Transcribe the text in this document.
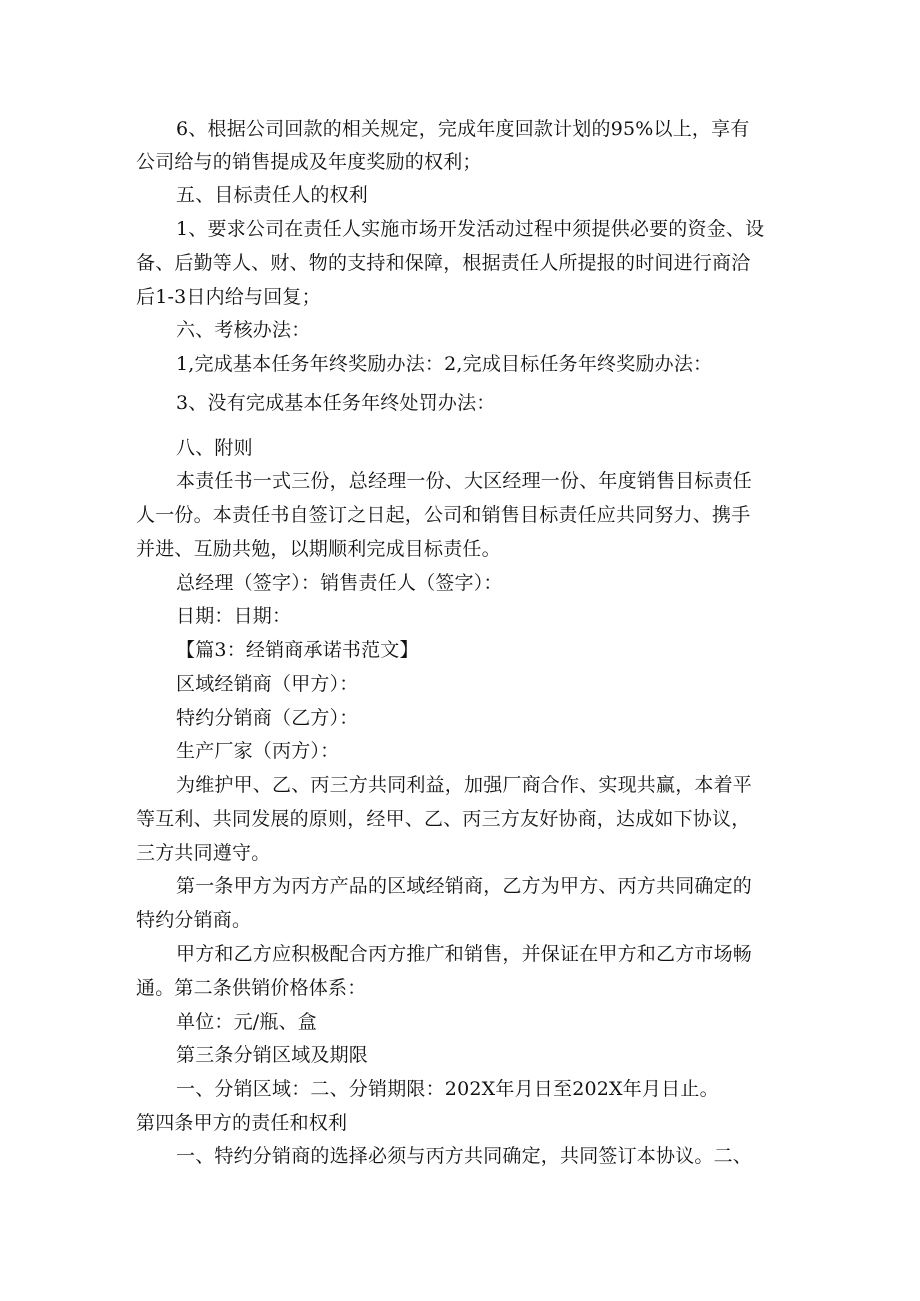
6、根据公司回款的相关规定，完成年度回款计划的95%以上，享有
公司给与的销售提成及年度奖励的权利；
五、目标责任人的权利
1、要求公司在责任人实施市场开发活动过程中须提供必要的资金、设
备、后勤等人、财、物的支持和保障，根据责任人所提报的时间进行商洽
后1-3日内给与回复；
六、考核办法：
1,完成基本任务年终奖励办法：2,完成目标任务年终奖励办法：
3、没有完成基本任务年终处罚办法：
八、附则
本责任书一式三份，总经理一份、大区经理一份、年度销售目标责任
人一份。本责任书自签订之日起，公司和销售目标责任应共同努力、携手
并进、互励共勉，以期顺利完成目标责任。
总经理（签字）：销售责任人（签字）：
日期：日期：
【篇3：经销商承诺书范文】
区域经销商（甲方）：
特约分销商（乙方）：
生产厂家（丙方）：
为维护甲、乙、丙三方共同利益，加强厂商合作、实现共赢，本着平
等互利、共同发展的原则，经甲、乙、丙三方友好协商，达成如下协议，
三方共同遵守。
第一条甲方为丙方产品的区域经销商，乙方为甲方、丙方共同确定的
特约分销商。
甲方和乙方应积极配合丙方推广和销售，并保证在甲方和乙方市场畅
通。第二条供销价格体系：
单位：元/瓶、盒
第三条分销区域及期限
一、分销区域：二、分销期限：202X年月日至202X年月日止。
第四条甲方的责任和权利
一、特约分销商的选择必须与丙方共同确定，共同签订本协议。二、
